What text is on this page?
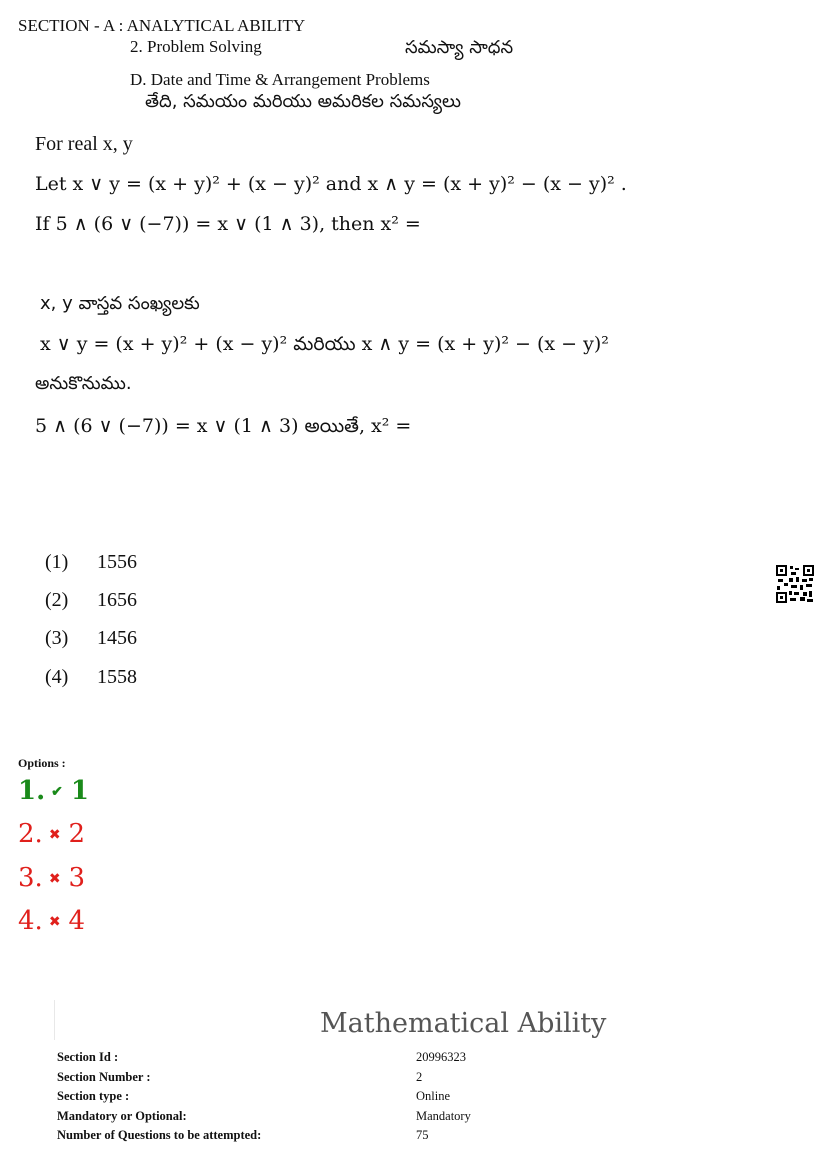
SECTION - A : ANALYTICAL ABILITY
2. Problem Solving	సమస్యా సాధన
D. Date and Time & Arrangement Problems
తేది, సమయం మరియు అమరికల సమస్యలు
For real x, y
Let x ∨ y = (x + y)² + (x − y)² and x ∧ y = (x + y)² − (x − y)² .
If 5 ∧ (6 ∨ (−7)) = x ∨ (1 ∧ 3), then x² =
x, y వాస్తవ సంఖ్యలకు
x ∨ y = (x + y)² + (x − y)² మరియు x ∧ y = (x + y)² − (x − y)²
అనుకొనుము.
5 ∧ (6 ∨ (−7)) = x ∨ (1 ∧ 3) అయితే, x² =
(1) 1556
(2) 1656
(3) 1456
(4) 1558
Options :
1. ✔ 1
2. ✖ 2
3. ✖ 3
4. ✖ 4
Mathematical Ability
Section Id :	20996323
Section Number :	2
Section type :	Online
Mandatory or Optional:	Mandatory
Number of Questions to be attempted:	75
